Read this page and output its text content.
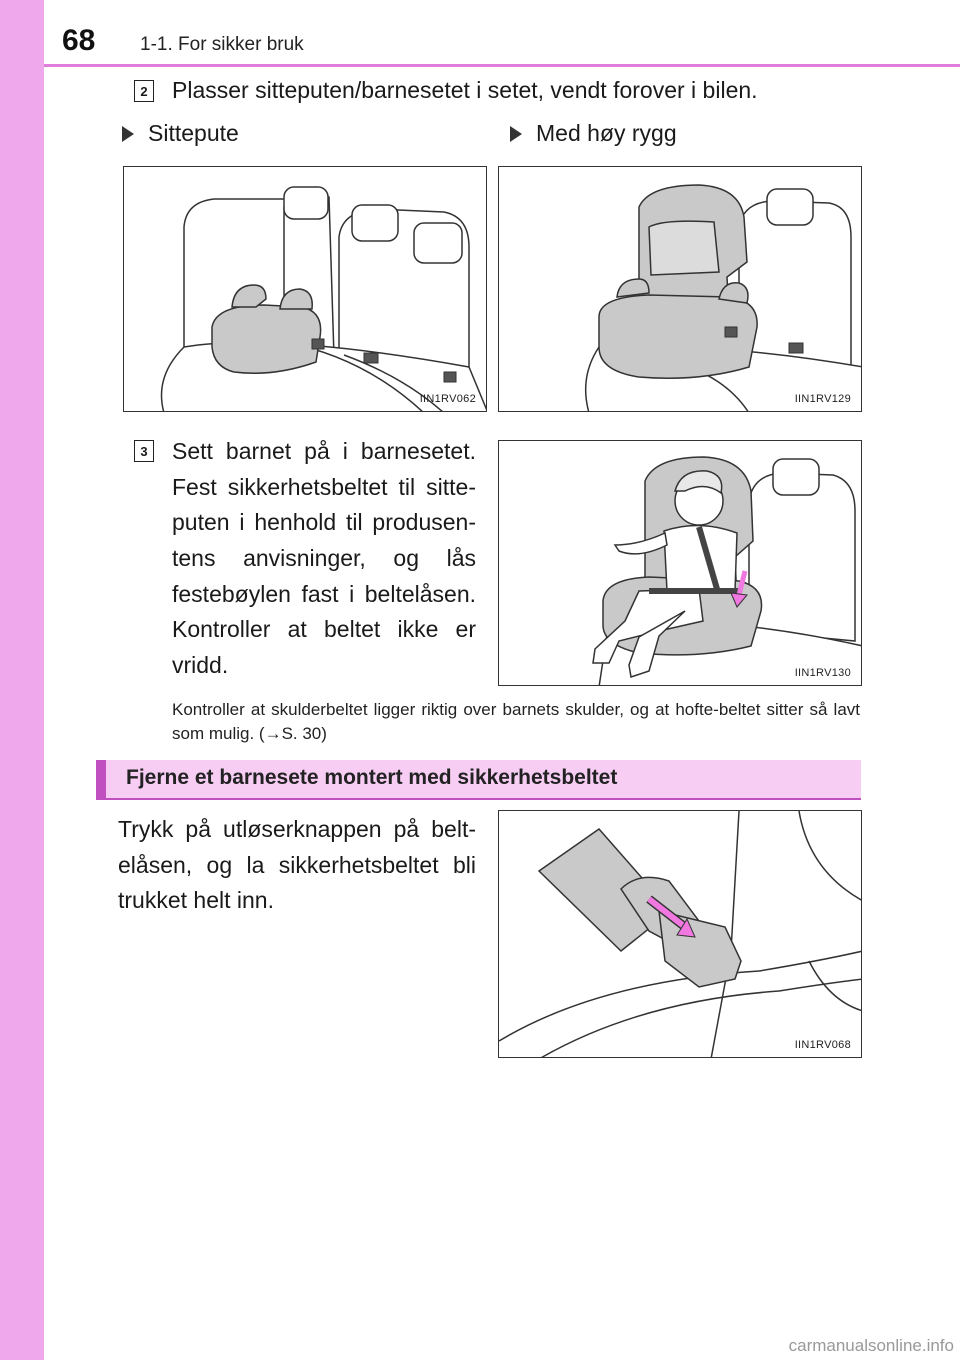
68 1-1. For sikker bruk
2 Plasser sitteputen/barnesetet i setet, vendt forover i bilen.
Sittepute	Med høy rygg
IIN1RV062	IIN1RV129
3 Sett barnet på i barnesetet. Fest sikkerhetsbeltet til sitte-puten i henhold til produsen-tens anvisninger, og lås festebøylen fast i beltelåsen. Kontroller at beltet ikke er vridd.	IIN1RV130
Kontroller at skulderbeltet ligger riktig over barnets skulder, og at hofte-beltet sitter så lavt som mulig. (→S. 30)
Fjerne et barnesete montert med sikkerhetsbeltet
Trykk på utløserknappen på belt-elåsen, og la sikkerhetsbeltet bli trukket helt inn.
IIN1RV068
carmanualsonline.info
